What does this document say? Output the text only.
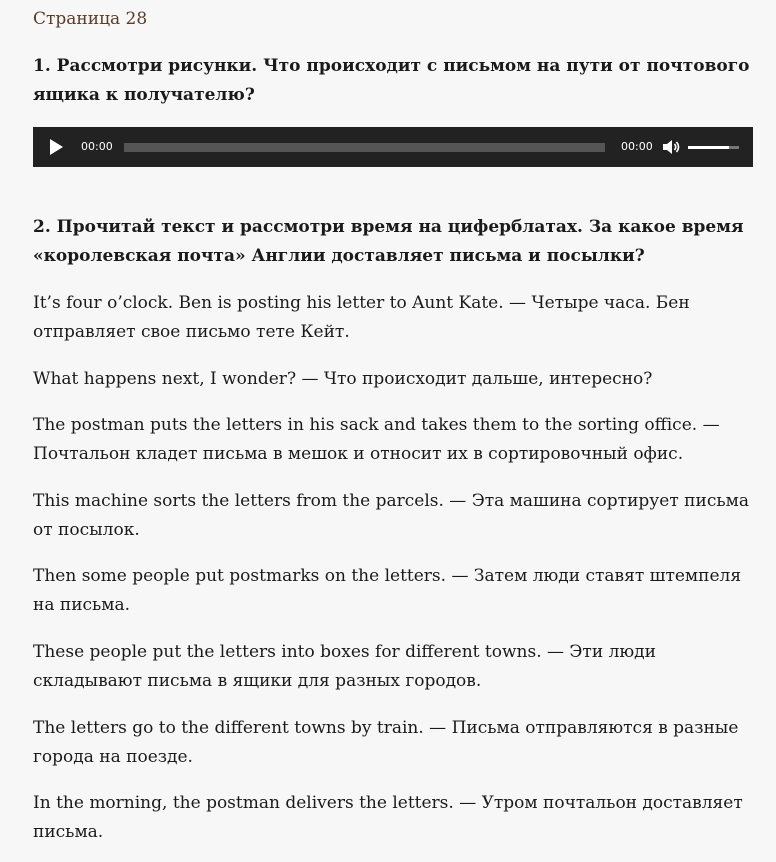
Страница 28

1. Рассмотри рисунки. Что происходит с письмом на пути от почтового ящика к получателю?

00:00	00:00

2. Прочитай текст и рассмотри время на циферблатах. За какое время «королевская почта» Англии доставляет письма и посылки?

It’s four o’clock. Ben is posting his letter to Aunt Kate. — Четыре часа. Бен отправляет свое письмо тете Кейт.

What happens next, I wonder? — Что происходит дальше, интересно?

The postman puts the letters in his sack and takes them to the sorting office. — Почтальон кладет письма в мешок и относит их в сортировочный офис.

This machine sorts the letters from the parcels. — Эта машина сортирует письма от посылок.

Then some people put postmarks on the letters. — Затем люди ставят штемпеля на письма.

These people put the letters into boxes for different towns. — Эти люди складывают письма в ящики для разных городов.

The letters go to the different towns by train. — Письма отправляются в разные города на поезде.

In the morning, the postman delivers the letters. — Утром почтальон доставляет письма.
